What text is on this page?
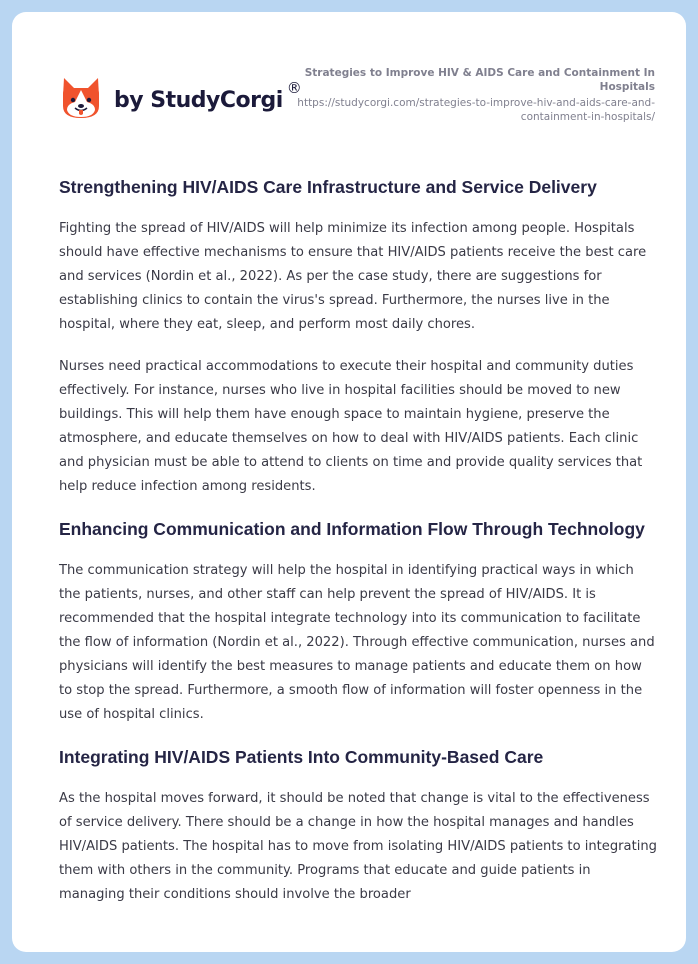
by StudyCorgi ®
Strategies to Improve HIV & AIDS Care and Containment In Hospitals
https://studycorgi.com/strategies-to-improve-hiv-and-aids-care-and-containment-in-hospitals/
Strengthening HIV/AIDS Care Infrastructure and Service Delivery

Fighting the spread of HIV/AIDS will help minimize its infection among people. Hospitals should have effective mechanisms to ensure that HIV/AIDS patients receive the best care and services (Nordin et al., 2022). As per the case study, there are suggestions for establishing clinics to contain the virus's spread. Furthermore, the nurses live in the hospital, where they eat, sleep, and perform most daily chores.

Nurses need practical accommodations to execute their hospital and community duties effectively. For instance, nurses who live in hospital facilities should be moved to new buildings. This will help them have enough space to maintain hygiene, preserve the atmosphere, and educate themselves on how to deal with HIV/AIDS patients. Each clinic and physician must be able to attend to clients on time and provide quality services that help reduce infection among residents.

Enhancing Communication and Information Flow Through Technology

The communication strategy will help the hospital in identifying practical ways in which the patients, nurses, and other staff can help prevent the spread of HIV/AIDS. It is recommended that the hospital integrate technology into its communication to facilitate the flow of information (Nordin et al., 2022). Through effective communication, nurses and physicians will identify the best measures to manage patients and educate them on how to stop the spread. Furthermore, a smooth flow of information will foster openness in the use of hospital clinics.

Integrating HIV/AIDS Patients Into Community-Based Care

As the hospital moves forward, it should be noted that change is vital to the effectiveness of service delivery. There should be a change in how the hospital manages and handles HIV/AIDS patients. The hospital has to move from isolating HIV/AIDS patients to integrating them with others in the community. Programs that educate and guide patients in managing their conditions should involve the broader
